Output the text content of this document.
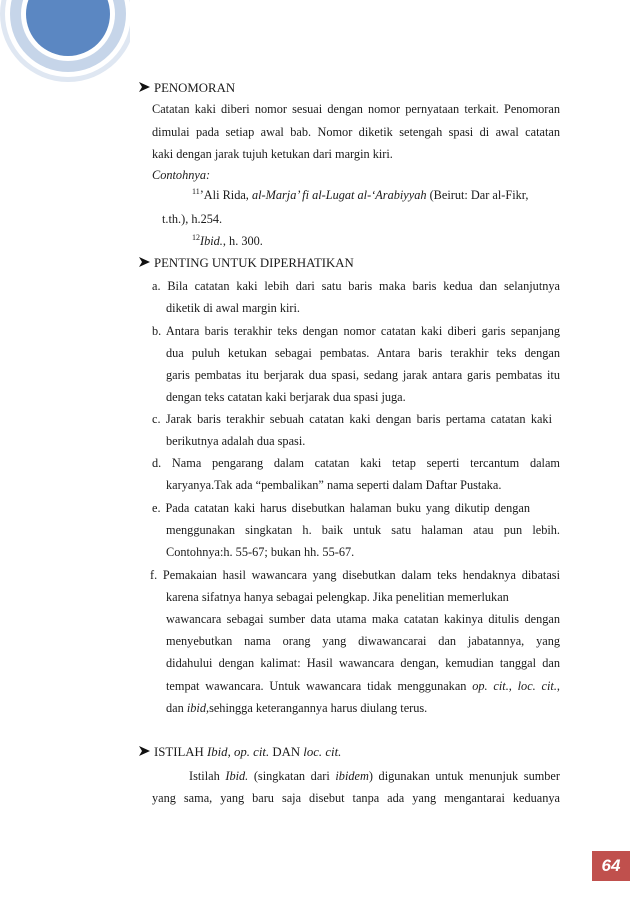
PENOMORAN
Catatan kaki diberi nomor sesuai dengan nomor pernyataan terkait. Penomoran
dimulai pada setiap awal bab. Nomor diketik setengah spasi di awal catatan
kaki dengan jarak tujuh ketukan dari margin kiri.
Contohnya:
$^{11}$’Ali Rida, al-Marja’ fi al-Lugat al-‘Arabiyyah (Beirut: Dar al-Fikr,
t.th.), h.254.
$^{12}$Ibid., h. 300.
PENTING UNTUK DIPERHATIKAN
a. Bila catatan kaki lebih dari satu baris maka baris kedua dan selanjutnya
diketik di awal margin kiri.
b. Antara baris terakhir teks dengan nomor catatan kaki diberi garis sepanjang
dua puluh ketukan sebagai pembatas. Antara baris terakhir teks dengan
garis pembatas itu berjarak dua spasi, sedang jarak antara garis pembatas itu
dengan teks catatan kaki berjarak dua spasi juga.
c. Jarak baris terakhir sebuah catatan kaki dengan baris pertama catatan kaki
berikutnya adalah dua spasi.
d. Nama pengarang dalam catatan kaki tetap seperti tercantum dalam
karyanya.Tak ada “pembalikan” nama seperti dalam Daftar Pustaka.
e. Pada catatan kaki harus disebutkan halaman buku yang dikutip dengan
menggunakan singkatan h. baik untuk satu halaman atau pun lebih.
Contohnya:h. 55-67; bukan hh. 55-67.
f. Pemakaian hasil wawancara yang disebutkan dalam teks hendaknya dibatasi
karena sifatnya hanya sebagai pelengkap. Jika penelitian memerlukan
wawancara sebagai sumber data utama maka catatan kakinya ditulis dengan
menyebutkan nama orang yang diwawancarai dan jabatannya, yang
didahului dengan kalimat: Hasil wawancara dengan, kemudian tanggal dan
tempat wawancara. Untuk wawancara tidak menggunakan op. cit., loc. cit.,
dan ibid,sehingga keterangannya harus diulang terus.
ISTILAH Ibid, op. cit. DAN loc. cit.
Istilah Ibid. (singkatan dari ibidem) digunakan untuk menunjuk sumber
yang sama, yang baru saja disebut tanpa ada yang mengantarai keduanya
64
